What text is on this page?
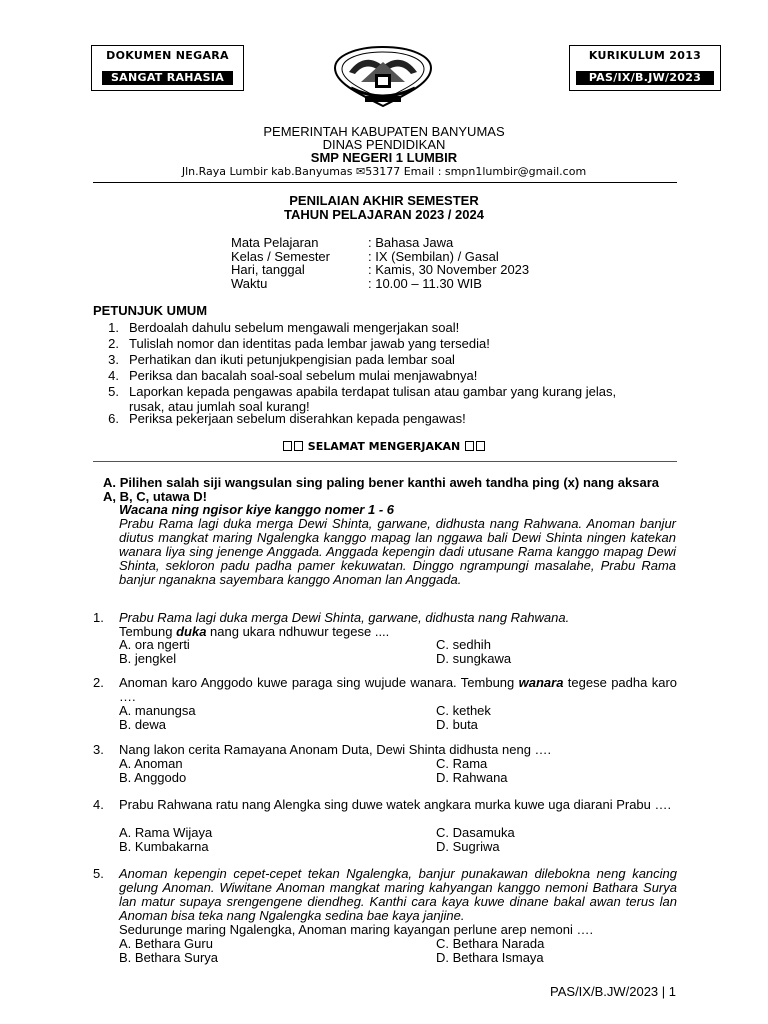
DOKUMEN NEGARA
SANGAT RAHASIA
KURIKULUM 2013
PAS/IX/B.JW/2023
PEMERINTAH KABUPATEN BANYUMAS
DINAS PENDIDIKAN
SMP NEGERI 1 LUMBIR
Jln.Raya Lumbir kab.Banyumas ✉53177 Email : smpn1lumbir@gmail.com
PENILAIAN AKHIR SEMESTER
TAHUN PELAJARAN 2023 / 2024
Mata Pelajaran	: Bahasa Jawa
Kelas / Semester	: IX (Sembilan) / Gasal
Hari, tanggal	: Kamis, 30 November 2023
Waktu	: 10.00 – 11.30 WIB
PETUNJUK UMUM
1. Berdoalah dahulu sebelum mengawali mengerjakan soal!
2. Tulislah nomor dan identitas pada lembar jawab yang tersedia!
3. Perhatikan dan ikuti petunjukpengisian pada lembar soal
4. Periksa dan bacalah soal-soal sebelum mulai menjawabnya!
5. Laporkan kepada pengawas apabila terdapat tulisan atau gambar yang kurang jelas, rusak, atau jumlah soal kurang!
6. Periksa pekerjaan sebelum diserahkan kepada pengawas!
SELAMAT MENGERJAKAN
A. Pilihen salah siji wangsulan sing paling bener kanthi aweh tandha ping (x) nang aksara A, B, C, utawa D!
Wacana ning ngisor kiye kanggo nomer 1 - 6
Prabu Rama lagi duka merga Dewi Shinta, garwane, didhusta nang Rahwana. Anoman banjur diutus mangkat maring Ngalengka kanggo mapag lan nggawa bali Dewi Shinta ningen katekan wanara liya sing jenenge Anggada. Anggada kepengin dadi utusane Rama kanggo mapag Dewi Shinta, sekloron padu padha pamer kekuwatan. Dinggo ngrampungi masalahe, Prabu Rama banjur nganakna sayembara kanggo Anoman lan Anggada.
1. Prabu Rama lagi duka merga Dewi Shinta, garwane, didhusta nang Rahwana.
Tembung duka nang ukara ndhuwur tegese ....
A. ora ngerti
B. jengkel
C. sedhih
D. sungkawa
2. Anoman karo Anggodo kuwe paraga sing wujude wanara. Tembung wanara tegese padha karo ….
A. manungsa
B. dewa
C. kethek
D. buta
3. Nang lakon cerita Ramayana Anonam Duta, Dewi Shinta didhusta neng ….
A. Anoman
B. Anggodo
C. Rama
D. Rahwana
4. Prabu Rahwana ratu nang Alengka sing duwe watek angkara murka kuwe uga diarani Prabu ….
A. Rama Wijaya
B. Kumbakarna
C. Dasamuka
D. Sugriwa
5. Anoman kepengin cepet-cepet tekan Ngalengka, banjur punakawan dilebokna neng kancing gelung Anoman. Wiwitane Anoman mangkat maring kahyangan kanggo nemoni Bathara Surya lan matur supaya srengengene diendheg. Kanthi cara kaya kuwe dinane bakal awan terus lan Anoman bisa teka nang Ngalengka sedina bae kaya janjine.
Sedurunge maring Ngalengka, Anoman maring kayangan perlune arep nemoni ….
A. Bethara Guru
B. Bethara Surya
C. Bethara Narada
D. Bethara Ismaya
PAS/IX/B.JW/2023 | 1
